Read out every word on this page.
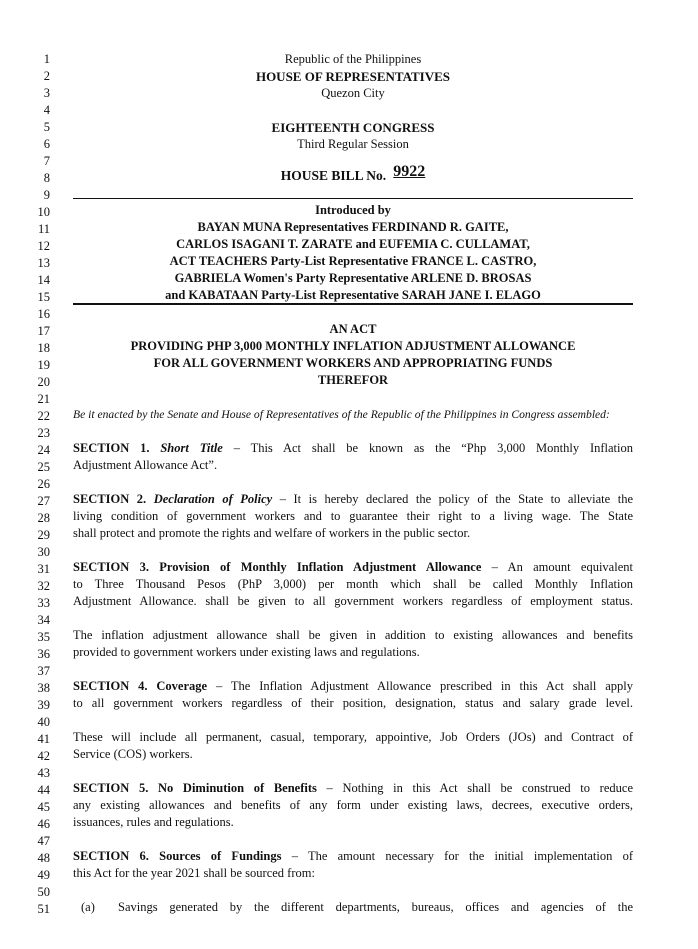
1
2
3
4
5
6
7
8
9
10
11
12
13
14
15
16
17
18
19
20
21
22
23
24
25
26
27
28
29
30
31
32
33
34
35
36
37
38
39
40
41
42
43
44
45
46
47
48
49
50
51
Republic of the Philippines
HOUSE OF REPRESENTATIVES
Quezon City
EIGHTEENTH CONGRESS
Third Regular Session
HOUSE BILL No. 9922
Introduced by
BAYAN MUNA Representatives FERDINAND R. GAITE,
CARLOS ISAGANI T. ZARATE and EUFEMIA C. CULLAMAT,
ACT TEACHERS Party-List Representative FRANCE L. CASTRO,
GABRIELA Women's Party Representative ARLENE D. BROSAS
and KABATAAN Party-List Representative SARAH JANE I. ELAGO
AN ACT
PROVIDING PHP 3,000 MONTHLY INFLATION ADJUSTMENT ALLOWANCE
FOR ALL GOVERNMENT WORKERS AND APPROPRIATING FUNDS
THEREFOR
Be it enacted by the Senate and House of Representatives of the Republic of the Philippines in Congress assembled:
SECTION 1. Short Title – This Act shall be known as the “Php 3,000 Monthly Inflation
Adjustment Allowance Act”.
SECTION 2. Declaration of Policy – It is hereby declared the policy of the State to alleviate the
living condition of government workers and to guarantee their right to a living wage. The State
shall protect and promote the rights and welfare of workers in the public sector.
SECTION 3. Provision of Monthly Inflation Adjustment Allowance – An amount equivalent
to Three Thousand Pesos (PhP 3,000) per month which shall be called Monthly Inflation
Adjustment Allowance. shall be given to all government workers regardless of employment status.
The inflation adjustment allowance shall be given in addition to existing allowances and benefits
provided to government workers under existing laws and regulations.
SECTION 4. Coverage – The Inflation Adjustment Allowance prescribed in this Act shall apply
to all government workers regardless of their position, designation, status and salary grade level.
These will include all permanent, casual, temporary, appointive, Job Orders (JOs) and Contract of
Service (COS) workers.
SECTION 5. No Diminution of Benefits – Nothing in this Act shall be construed to reduce
any existing allowances and benefits of any form under existing laws, decrees, executive orders,
issuances, rules and regulations.
SECTION 6. Sources of Fundings – The amount necessary for the initial implementation of
this Act for the year 2021 shall be sourced from:
(a)	Savings generated by the different departments, bureaus, offices and agencies of the
